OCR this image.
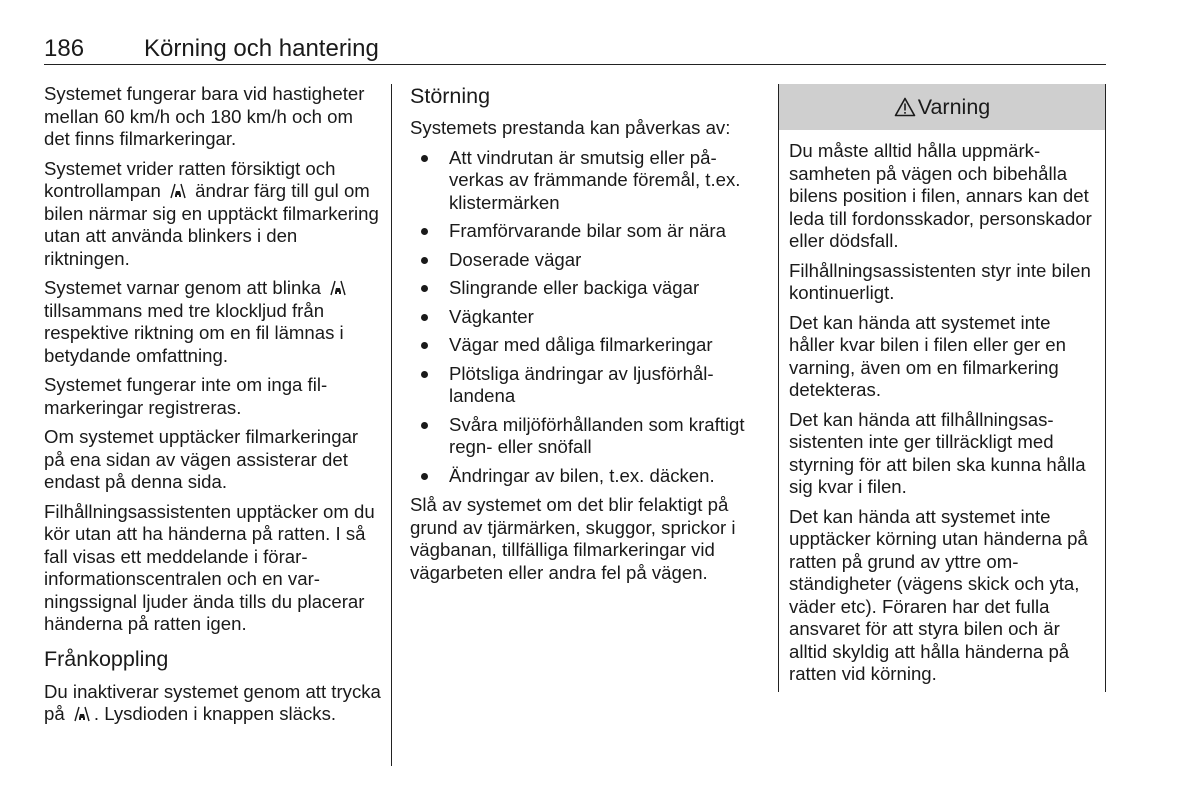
186 Körning och hantering

Systemet fungerar bara vid hastigheter mellan 60 km/h och 180 km/h och om det finns filmarkeringar.

Systemet vrider ratten försiktigt och kontrollampan  ändrar färg till gul om bilen närmar sig en upptäckt filmarkering utan att använda blinkers i den riktningen.

Systemet varnar genom att blinka  tillsammans med tre klockljud från respektive riktning om en fil lämnas i betydande omfattning.

Systemet fungerar inte om inga filmarkeringar registreras.

Om systemet upptäcker filmarkeringar på ena sidan av vägen assisterar det endast på denna sida.

Filhållningsassistenten upptäcker om du kör utan att ha händerna på ratten. I så fall visas ett meddelande i förarinformationscentralen och en varningssignal ljuder ända tills du placerar händerna på ratten igen.

Frånkoppling

Du inaktiverar systemet genom att trycka på . Lysdioden i knappen släcks.

Störning

Systemets prestanda kan påverkas av:

Att vindrutan är smutsig eller påverkas av främmande föremål, t.ex. klistermärken
Framförvarande bilar som är nära
Doserade vägar
Slingrande eller backiga vägar
Vägkanter
Vägar med dåliga filmarkeringar
Plötsliga ändringar av ljusförhållandena
Svåra miljöförhållanden som kraftigt regn- eller snöfall
Ändringar av bilen, t.ex. däcken.

Slå av systemet om det blir felaktigt på grund av tjärmärken, skuggor, sprickor i vägbanan, tillfälliga filmarkeringar vid vägarbeten eller andra fel på vägen.

Varning

Du måste alltid hålla uppmärksamheten på vägen och bibehålla bilens position i filen, annars kan det leda till fordonsskador, personskador eller dödsfall.

Filhållningsassistenten styr inte bilen kontinuerligt.

Det kan hända att systemet inte håller kvar bilen i filen eller ger en varning, även om en filmarkering detekteras.

Det kan hända att filhållningsassistenten inte ger tillräckligt med styrning för att bilen ska kunna hålla sig kvar i filen.

Det kan hända att systemet inte upptäcker körning utan händerna på ratten på grund av yttre omständigheter (vägens skick och yta, väder etc). Föraren har det fulla ansvaret för att styra bilen och är alltid skyldig att hålla händerna på ratten vid körning.
